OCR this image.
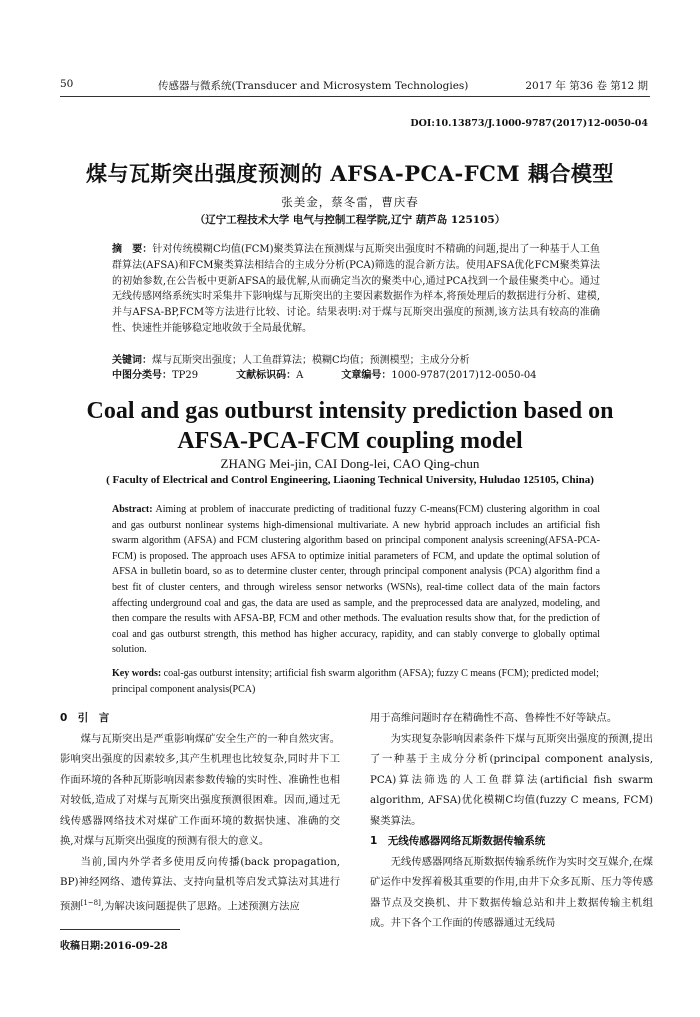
50	传感器与微系统(Transducer and Microsystem Technologies)	2017 年 第36 卷 第12 期
DOI:10.13873/J.1000-9787(2017)12-0050-04
煤与瓦斯突出强度预测的 AFSA-PCA-FCM 耦合模型
张美金，蔡冬雷，曹庆春
（辽宁工程技术大学 电气与控制工程学院,辽宁 葫芦岛 125105）
摘　要：针对传统模糊C均值(FCM)聚类算法在预测煤与瓦斯突出强度时不精确的问题,提出了一种基于人工鱼群算法(AFSA)和FCM聚类算法相结合的主成分分析(PCA)筛选的混合新方法。使用AFSA优化FCM聚类算法的初始参数,在公告板中更新AFSA的最优解,从而确定当次的聚类中心,通过PCA找到一个最佳聚类中心。通过无线传感网络系统实时采集井下影响煤与瓦斯突出的主要因素数据作为样本,将预处理后的数据进行分析、建模,并与AFSA-BP,FCM等方法进行比较、讨论。结果表明:对于煤与瓦斯突出强度的预测,该方法具有较高的准确性、快速性并能够稳定地收敛于全局最优解。
关键词：煤与瓦斯突出强度；人工鱼群算法；模糊C均值；预测模型；主成分分析
中图分类号：TP29	文献标识码：A	文章编号：1000-9787(2017)12-0050-04
Coal and gas outburst intensity prediction based on
AFSA-PCA-FCM coupling model
ZHANG Mei-jin, CAI Dong-lei, CAO Qing-chun
( Faculty of Electrical and Control Engineering, Liaoning Technical University, Huludao 125105, China)
Abstract: Aiming at problem of inaccurate predicting of traditional fuzzy C-means(FCM) clustering algorithm in coal and gas outburst nonlinear systems high-dimensional multivariate. A new hybrid approach includes an artificial fish swarm algorithm (AFSA) and FCM clustering algorithm based on principal component analysis screening(AFSA-PCA-FCM) is proposed. The approach uses AFSA to optimize initial parameters of FCM, and update the optimal solution of AFSA in bulletin board, so as to determine cluster center, through principal component analysis (PCA) algorithm find a best fit of cluster centers, and through wireless sensor networks (WSNs), real-time collect data of the main factors affecting underground coal and gas, the data are used as sample, and the preprocessed data are analyzed, modeling, and then compare the results with AFSA-BP, FCM and other methods. The evaluation results show that, for the prediction of coal and gas outburst strength, this method has higher accuracy, rapidity, and can stably converge to globally optimal solution.
Key words: coal-gas outburst intensity; artificial fish swarm algorithm (AFSA); fuzzy C means (FCM); predicted model; principal component analysis(PCA)
0　引　言
煤与瓦斯突出是严重影响煤矿安全生产的一种自然灾害。影响突出强度的因素较多,其产生机理也比较复杂,同时井下工作面环境的各种瓦斯影响因素参数传输的实时性、准确性也相对较低,造成了对煤与瓦斯突出强度预测很困难。因而,通过无线传感器网络技术对煤矿工作面环境的数据快速、准确的交换,对煤与瓦斯突出强度的预测有很大的意义。
当前,国内外学者多使用反向传播(back propagation, BP)神经网络、遗传算法、支持向量机等启发式算法对其进行预测[1~8],为解决该问题提供了思路。上述预测方法应
用于高维问题时存在精确性不高、鲁棒性不好等缺点。
为实现复杂影响因素条件下煤与瓦斯突出强度的预测,提出了一种基于主成分分析(principal component analysis, PCA)算法筛选的人工鱼群算法(artificial fish swarm algorithm, AFSA)优化模糊C均值(fuzzy C means, FCM)聚类算法。
1　无线传感器网络瓦斯数据传输系统
无线传感器网络瓦斯数据传输系统作为实时交互媒介,在煤矿运作中发挥着极其重要的作用,由井下众多瓦斯、压力等传感器节点及交换机、井下数据传输总站和井上数据传输主机组成。井下各个工作面的传感器通过无线局
收稿日期:2016-09-28
